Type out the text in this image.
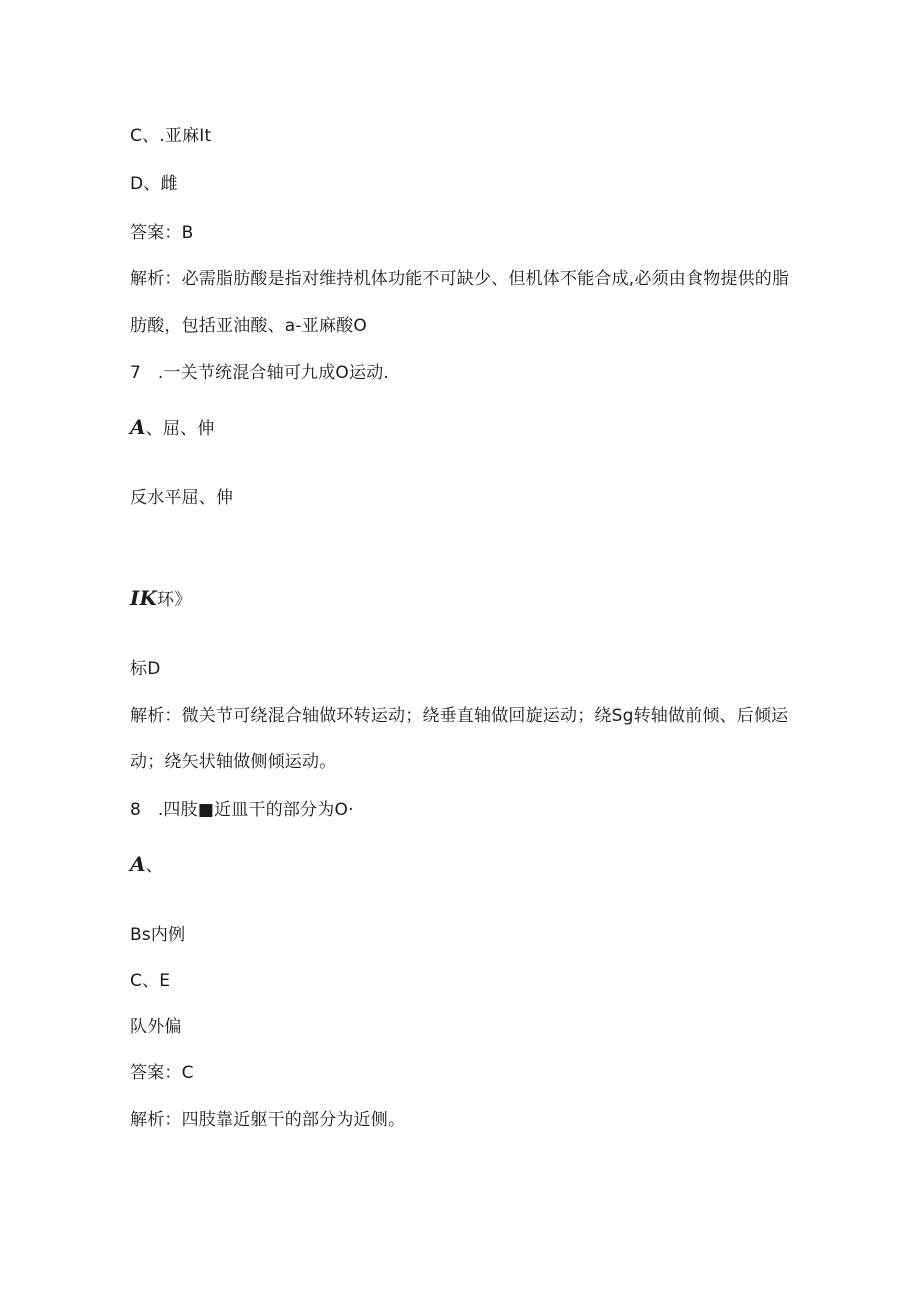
C、.亚麻It
D、雌
答案：B
解析：必需脂肪酸是指对维持机体功能不可缺少、但机体不能合成,必须由食物提供的脂
肪酸，包括亚油酸、a-亚麻酸O
7   .一关节统混合轴可九成O运动.
A、屈、伸
反水平屈、伸
IK环》
标D
解析：微关节可绕混合轴做环转运动；绕垂直轴做回旋运动；绕Sg转轴做前倾、后倾运
动；绕矢状轴做侧倾运动。
8   .四肢■近皿干的部分为O·
A、
Bs内例
C、E
队外偏
答案：C
解析：四肢靠近躯干的部分为近侧。
